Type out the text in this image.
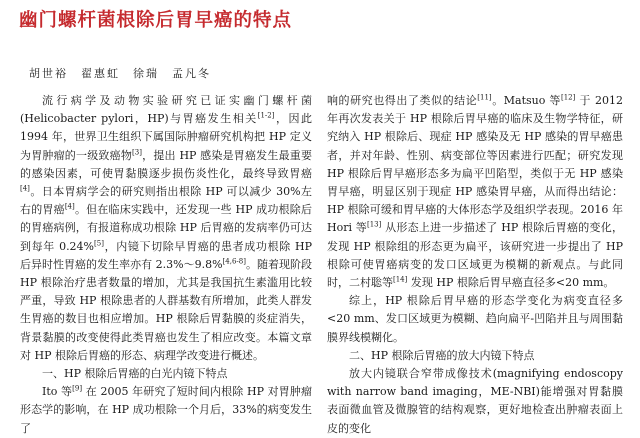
幽门螺杆菌根除后胃早癌的特点
胡世裕　翟惠虹　徐瑞　孟凡冬

流行病学及动物实验研究已证实幽门螺杆菌(Helicobacter pylori，HP)与胃癌发生相关[1-2]，因此 1994 年，世界卫生组织下属国际肿瘤研究机构把 HP 定义为胃肿瘤的一级致癌物[3]，提出 HP 感染是胃癌发生最重要的感染因素，可使胃黏膜逐步损伤炎性化，最终导致胃癌[4]。日本胃病学会的研究则指出根除 HP 可以减少 30%左右的胃癌[4]。但在临床实践中，还发现一些 HP 成功根除后的胃癌病例，有报道称成功根除 HP 后胃癌的发病率仍可达到每年 0.24%[5]，内镜下切除早胃癌的患者成功根除 HP 后异时性胃癌的发生率亦有 2.3%～9.8%[4,6-8]。随着现阶段 HP 根除治疗患者数量的增加，尤其是我国抗生素滥用比较严重，导致 HP 根除患者的人群基数有所增加，此类人群发生胃癌的数目也相应增加。HP 根除后胃黏膜的炎症消失，背景黏膜的改变使得此类胃癌也发生了相应改变。本篇文章对 HP 根除后胃癌的形态、病理学改变进行概述。

一、HP 根除后胃癌的白光内镜下特点

Ito 等[9] 在 2005 年研究了短时间内根除 HP 对胃肿瘤形态学的影响，在 HP 成功根除一个月后，33%的病变发生了

响的研究也得出了类似的结论[11]。Matsuo 等[12] 于 2012 年再次发表关于 HP 根除后胃早癌的临床及生物学特征，研究纳入 HP 根除后、现症 HP 感染及无 HP 感染的胃早癌患者，并对年龄、性别、病变部位等因素进行匹配；研究发现 HP 根除后胃早癌形态多为扁平凹陷型，类似于无 HP 感染胃早癌，明显区别于现症 HP 感染胃早癌，从而得出结论：HP 根除可缓和胃早癌的大体形态学及组织学表现。2016 年 Hori 等[13] 从形态上进一步描述了 HP 根除后胃癌的变化，发现 HP 根除组的形态更为扁平，该研究进一步提出了 HP 根除可使胃癌病变的发口区域更为模糊的新观点。与此同时，二村聡等[14] 发现 HP 根除后胃早癌直径多<20 mm。

综上，HP 根除后胃早癌的形态学变化为病变直径多<20 mm、发口区域更为模糊、趋向扁平-凹陷并且与周围黏膜界线模糊化。

二、HP 根除后胃癌的放大内镜下特点

放大内镜联合窄带成像技术(magnifying endoscopy with narrow band imaging，ME-NBI)能增强对胃黏膜表面微血管及微腺管的结构观察，更好地检查出肿瘤表面上皮的变化
